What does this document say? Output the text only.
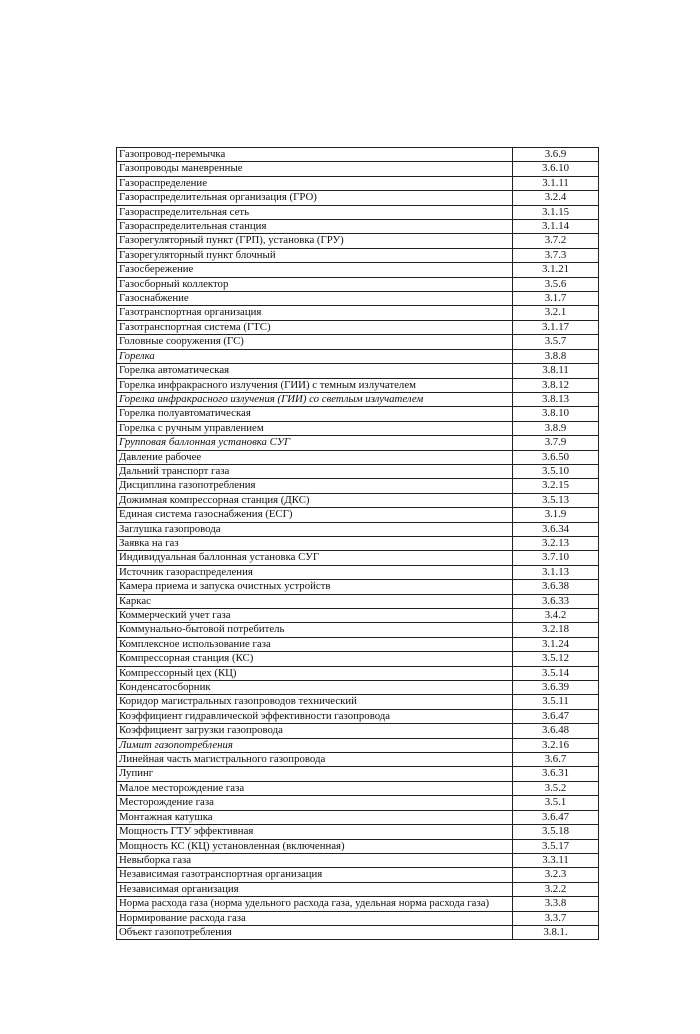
Газопровод-перемычка	3.6.9
Газопроводы маневренные	3.6.10
Газораспределение	3.1.11
Газораспределительная организация (ГРО)	3.2.4
Газораспределительная сеть	3.1.15
Газораспределительная станция	3.1.14
Газорегуляторный пункт (ГРП), установка (ГРУ)	3.7.2
Газорегуляторный пункт блочный	3.7.3
Газосбережение	3.1.21
Газосборный коллектор	3.5.6
Газоснабжение	3.1.7
Газотранспортная организация	3.2.1
Газотранспортная система (ГТС)	3.1.17
Головные сооружения (ГС)	3.5.7
Горелка	3.8.8
Горелка автоматическая	3.8.11
Горелка инфракрасного излучения (ГИИ) с темным излучателем	3.8.12
Горелка инфракрасного излучения (ГИИ) со светлым излучателем	3.8.13
Горелка полуавтоматическая	3.8.10
Горелка с ручным управлением	3.8.9
Групповая баллонная установка СУГ	3.7.9
Давление рабочее	3.6.50
Дальний транспорт газа	3.5.10
Дисциплина газопотребления	3.2.15
Дожимная компрессорная станция (ДКС)	3.5.13
Единая система газоснабжения (ЕСГ)	3.1.9
Заглушка газопровода	3.6.34
Заявка на газ	3.2.13
Индивидуальная баллонная установка СУГ	3.7.10
Источник газораспределения	3.1.13
Камера приема и запуска очистных устройств	3.6.38
Каркас	3.6.33
Коммерческий учет газа	3.4.2
Коммунально-бытовой потребитель	3.2.18
Комплексное использование газа	3.1.24
Компрессорная станция (КС)	3.5.12
Компрессорный цех (КЦ)	3.5.14
Конденсатосборник	3.6.39
Коридор магистральных газопроводов технический	3.5.11
Коэффициент гидравлической эффективности газопровода	3.6.47
Коэффициент загрузки газопровода	3.6.48
Лимит газопотребления	3.2.16
Линейная часть магистрального газопровода	3.6.7
Лупинг	3.6.31
Малое месторождение газа	3.5.2
Месторождение газа	3.5.1
Монтажная катушка	3.6.47
Мощность ГТУ эффективная	3.5.18
Мощность КС (КЦ) установленная (включенная)	3.5.17
Невыборка газа	3.3.11
Независимая газотранспортная организация	3.2.3
Независимая организация	3.2.2
Норма расхода газа (норма удельного расхода газа, удельная норма расхода газа)	3.3.8
Нормирование расхода газа	3.3.7
Объект газопотребления	3.8.1.
